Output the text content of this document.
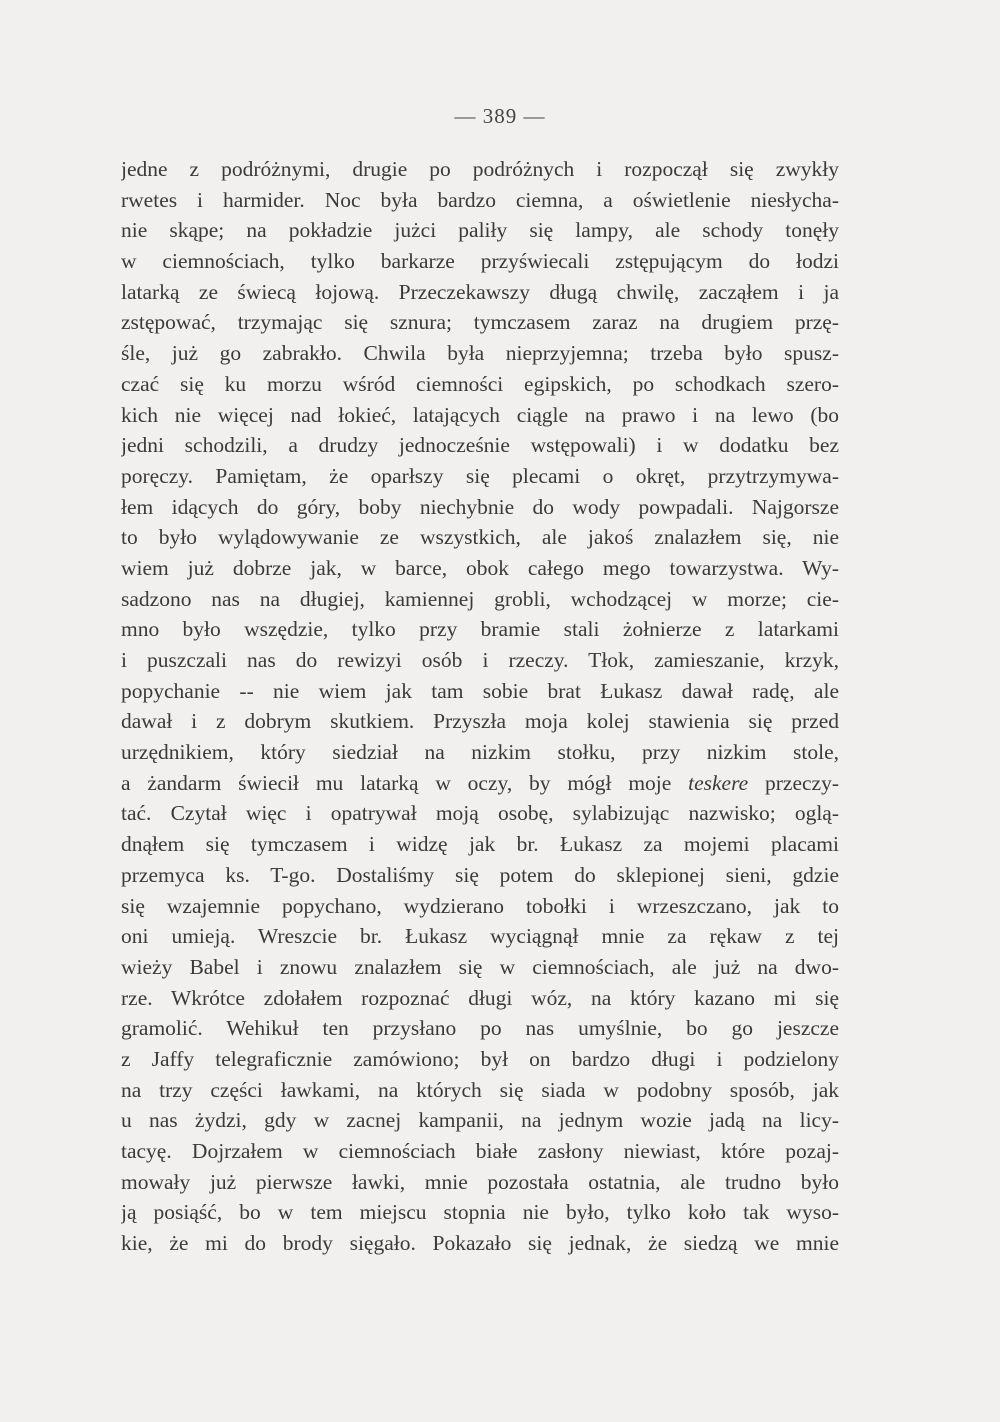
— 389 —
jedne z podróżnymi, drugie po podróżnych i rozpoczął się zwykły
rwetes i harmider. Noc była bardzo ciemna, a oświetlenie niesłycha-
nie skąpe; na pokładzie jużci paliły się lampy, ale schody tonęły
w ciemnościach, tylko barkarze przyświecali zstępującym do łodzi
latarką ze świecą łojową. Przeczekawszy długą chwilę, zacząłem i ja
zstępować, trzymając się sznura; tymczasem zaraz na drugiem przę-
śle, już go zabrakło. Chwila była nieprzyjemna; trzeba było spusz-
czać się ku morzu wśród ciemności egipskich, po schodkach szero-
kich nie więcej nad łokieć, latających ciągle na prawo i na lewo (bo
jedni schodzili, a drudzy jednocześnie wstępowali) i w dodatku bez
poręczy. Pamiętam, że oparłszy się plecami o okręt, przytrzymywa-
łem idących do góry, boby niechybnie do wody powpadali. Najgorsze
to było wylądowywanie ze wszystkich, ale jakoś znalazłem się, nie
wiem już dobrze jak, w barce, obok całego mego towarzystwa. Wy-
sadzono nas na długiej, kamiennej grobli, wchodzącej w morze; cie-
mno było wszędzie, tylko przy bramie stali żołnierze z latarkami
i puszczali nas do rewizyi osób i rzeczy. Tłok, zamieszanie, krzyk,
popychanie -- nie wiem jak tam sobie brat Łukasz dawał radę, ale
dawał i z dobrym skutkiem. Przyszła moja kolej stawienia się przed
urzędnikiem, który siedział na nizkim stołku, przy nizkim stole,
a żandarm świecił mu latarką w oczy, by mógł moje teskere przeczy-
tać. Czytał więc i opatrywał moją osobę, sylabizując nazwisko; oglą-
dnąłem się tymczasem i widzę jak br. Łukasz za mojemi placami
przemyca ks. T-go. Dostaliśmy się potem do sklepionej sieni, gdzie
się wzajemnie popychano, wydzierano tobołki i wrzeszczano, jak to
oni umieją. Wreszcie br. Łukasz wyciągnął mnie za rękaw z tej
wieży Babel i znowu znalazłem się w ciemnościach, ale już na dwo-
rze. Wkrótce zdołałem rozpoznać długi wóz, na który kazano mi się
gramolić. Wehikuł ten przysłano po nas umyślnie, bo go jeszcze
z Jaffy telegraficznie zamówiono; był on bardzo długi i podzielony
na trzy części ławkami, na których się siada w podobny sposób, jak
u nas żydzi, gdy w zacnej kampanii, na jednym wozie jadą na licy-
tacyę. Dojrzałem w ciemnościach białe zasłony niewiast, które pozaj-
mowały już pierwsze ławki, mnie pozostała ostatnia, ale trudno było
ją posiąść, bo w tem miejscu stopnia nie było, tylko koło tak wyso-
kie, że mi do brody sięgało. Pokazało się jednak, że siedzą we mnie
